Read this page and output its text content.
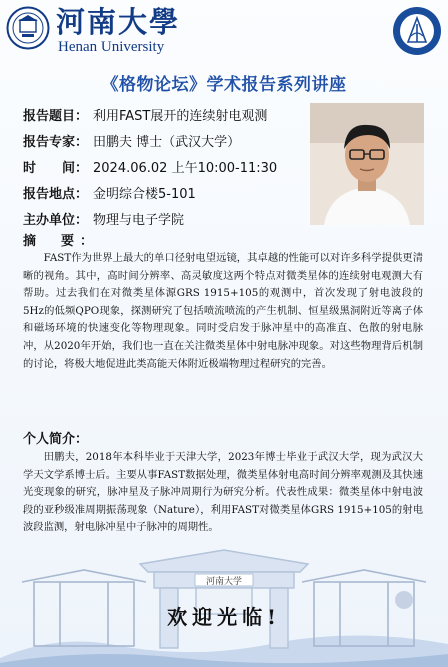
河南大學
Henan University
《格物论坛》学术报告系列讲座
报告题目： 利用FAST展开的连续射电观测
报告专家： 田鹏夫 博士（武汉大学）
时　　间： 2024.06.02 上午10:00-11:30
报告地点： 金明综合楼5-101
主办单位： 物理与电子学院
摘　要：
FAST作为世界上最大的单口径射电望远镜，其卓越的性能可以对许多科学提供更清晰的视角。其中，高时间分辨率、高灵敏度这两个特点对微类星体的连续射电观测大有帮助。过去我们在对微类星体源GRS 1915+105的观测中，首次发现了射电波段的5Hz的低频QPO现象，探测研究了包括喷流喷流的产生机制、恒星级黑洞附近等离子体和磁场环境的快速变化等物理现象。同时受启发于脉冲星中的高准直、色散的射电脉冲，从2020年开始，我们也一直在关注微类星体中射电脉冲现象。对这些物理背后机制的讨论，将极大地促进此类高能天体附近极端物理过程研究的完善。
个人简介：
田鹏夫，2018年本科毕业于天津大学，2023年博士毕业于武汉大学，现为武汉大学天文学系博士后。主要从事FAST数据处理，微类星体射电高时间分辨率观测及其快速光变现象的研究，脉冲星及子脉冲周期行为研究分析。代表性成果：微类星体中射电波段的亚秒级准周期振荡现象（Nature），利用FAST对微类星体GRS 1915+105的射电波段监测，射电脉冲星中子脉冲的周期性。
河南大学
欢迎光临!
